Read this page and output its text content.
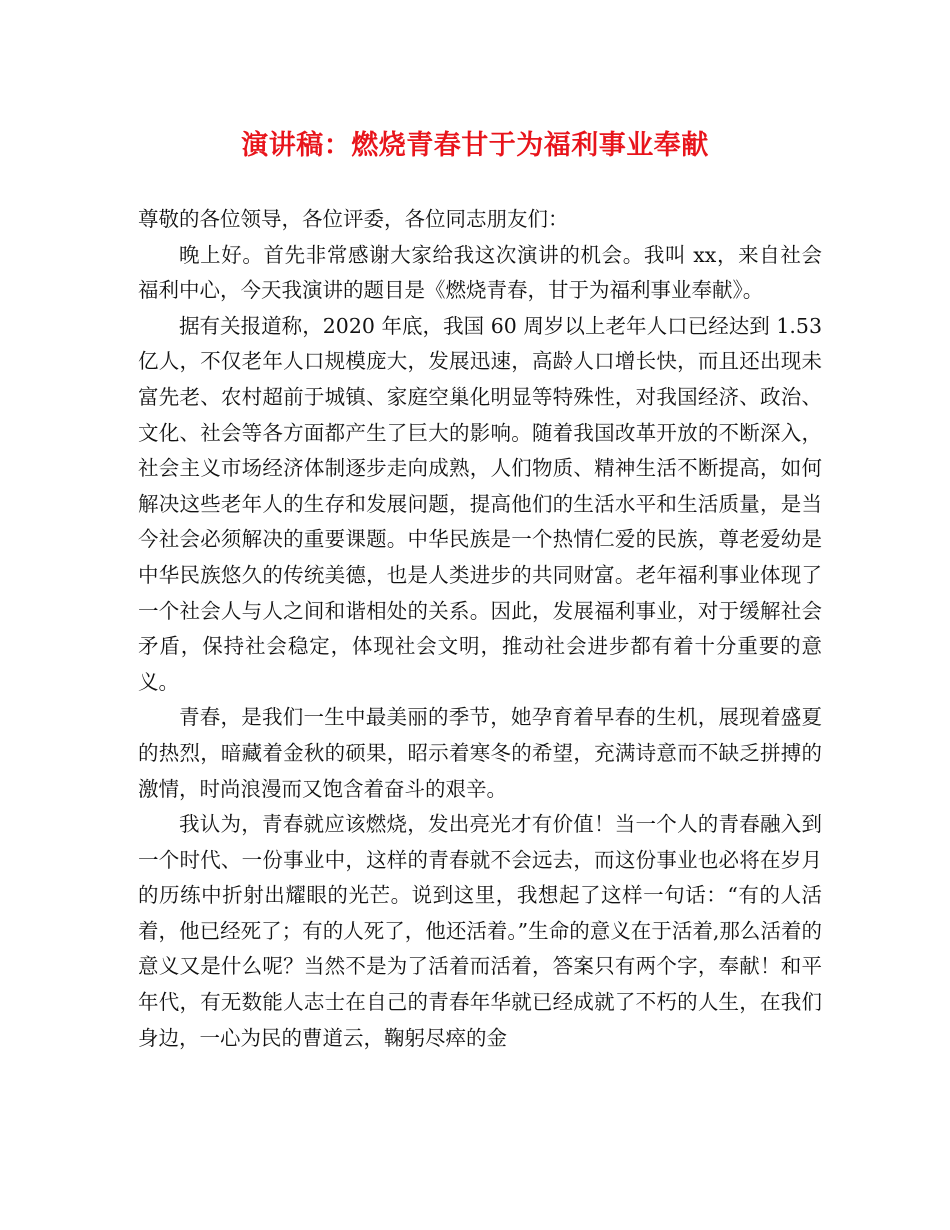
演讲稿：燃烧青春甘于为福利事业奉献

尊敬的各位领导，各位评委，各位同志朋友们：

晚上好。首先非常感谢大家给我这次演讲的机会。我叫 xx，来自社会福利中心，今天我演讲的题目是《燃烧青春，甘于为福利事业奉献》。

据有关报道称，2020 年底，我国 60 周岁以上老年人口已经达到 1.53 亿人，不仅老年人口规模庞大，发展迅速，高龄人口增长快，而且还出现未富先老、农村超前于城镇、家庭空巢化明显等特殊性，对我国经济、政治、文化、社会等各方面都产生了巨大的影响。随着我国改革开放的不断深入，社会主义市场经济体制逐步走向成熟，人们物质、精神生活不断提高，如何解决这些老年人的生存和发展问题，提高他们的生活水平和生活质量，是当今社会必须解决的重要课题。中华民族是一个热情仁爱的民族，尊老爱幼是中华民族悠久的传统美德，也是人类进步的共同财富。老年福利事业体现了一个社会人与人之间和谐相处的关系。因此，发展福利事业，对于缓解社会矛盾，保持社会稳定，体现社会文明，推动社会进步都有着十分重要的意义。

青春，是我们一生中最美丽的季节，她孕育着早春的生机，展现着盛夏的热烈，暗藏着金秋的硕果，昭示着寒冬的希望，充满诗意而不缺乏拼搏的激情，时尚浪漫而又饱含着奋斗的艰辛。

我认为，青春就应该燃烧，发出亮光才有价值！当一个人的青春融入到一个时代、一份事业中，这样的青春就不会远去，而这份事业也必将在岁月的历练中折射出耀眼的光芒。说到这里，我想起了这样一句话：“有的人活着，他已经死了；有的人死了，他还活着。”生命的意义在于活着,那么活着的意义又是什么呢？当然不是为了活着而活着，答案只有两个字，奉献！和平年代，有无数能人志士在自己的青春年华就已经成就了不朽的人生，在我们身边，一心为民的曹道云，鞠躬尽瘁的金
